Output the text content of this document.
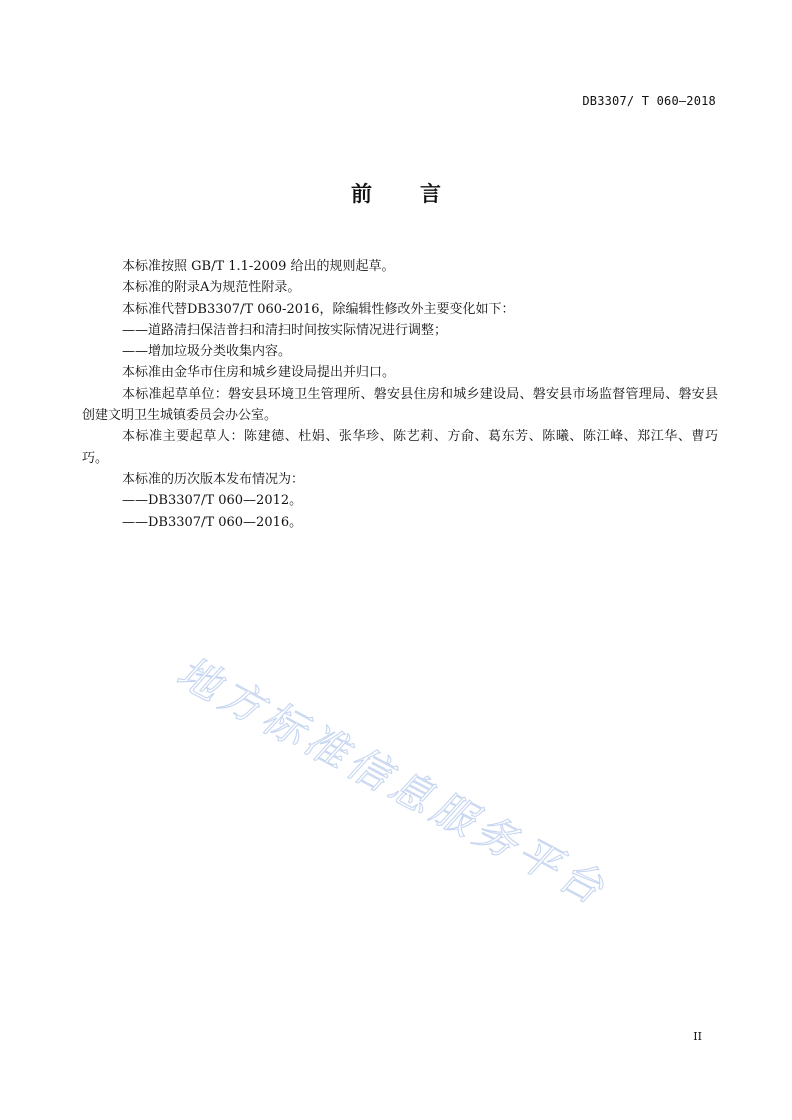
DB3307/ T 060—2018
前言

本标准按照 GB/T 1.1-2009 给出的规则起草。

本标准的附录A为规范性附录。

本标准代替DB3307/T 060-2016，除编辑性修改外主要变化如下：

——道路清扫保洁普扫和清扫时间按实际情况进行调整；

——增加垃圾分类收集内容。

本标准由金华市住房和城乡建设局提出并归口。

本标准起草单位：磐安县环境卫生管理所、磐安县住房和城乡建设局、磐安县市场监督管理局、磐安县创建文明卫生城镇委员会办公室。

本标准主要起草人：陈建德、杜娟、张华珍、陈艺莉、方俞、葛东芳、陈曦、陈江峰、郑江华、曹巧巧。

本标准的历次版本发布情况为：

——DB3307/T 060—2012。

——DB3307/T 060—2016。

地方标准信息服务平台
II
